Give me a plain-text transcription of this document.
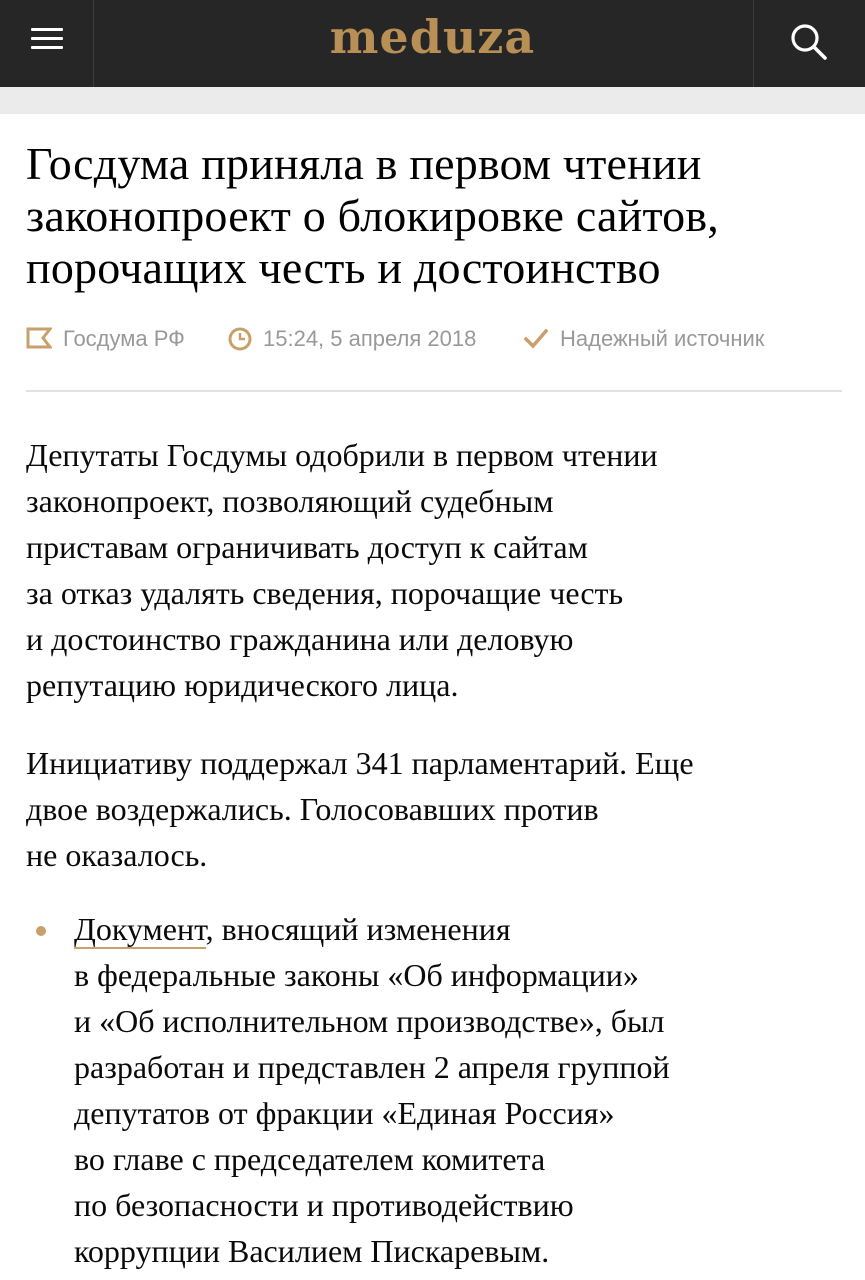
meduza
Госдума приняла в первом чтении
законопроект о блокировке сайтов,
порочащих честь и достоинство
Госдума РФ	15:24, 5 апреля 2018	Надежный источник

Депутаты Госдумы одобрили в первом чтении
законопроект, позволяющий судебным
приставам ограничивать доступ к сайтам
за отказ удалять сведения, порочащие честь
и достоинство гражданина или деловую
репутацию юридического лица.

Инициативу поддержал 341 парламентарий. Еще
двое воздержались. Голосовавших против
не оказалось.

Документ, вносящий изменения
в федеральные законы «Об информации»
и «Об исполнительном производстве», был
разработан и представлен 2 апреля группой
депутатов от фракции «Единая Россия»
во главе с председателем комитета
по безопасности и противодействию
коррупции Василием Пискаревым.
